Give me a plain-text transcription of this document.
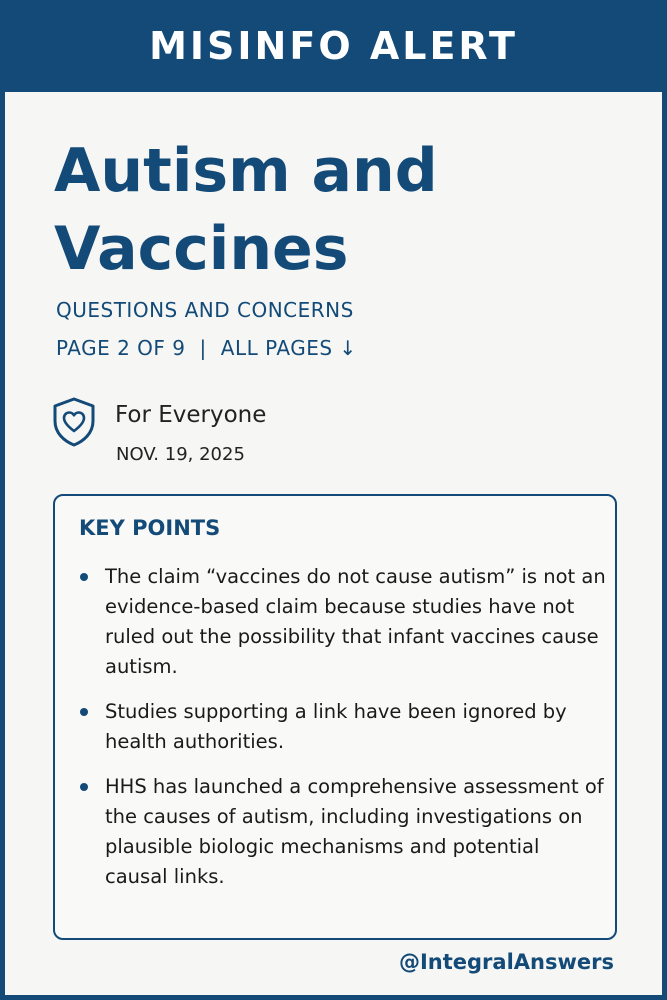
MISINFO ALERT
Autism and Vaccines
QUESTIONS AND CONCERNS
PAGE 2 OF 9 | ALL PAGES ↓
For Everyone
NOV. 19, 2025
KEY POINTS
The claim “vaccines do not cause autism” is not an evidence-based claim because studies have not ruled out the possibility that infant vaccines cause autism.
Studies supporting a link have been ignored by health authorities.
HHS has launched a comprehensive assessment of the causes of autism, including investigations on plausible biologic mechanisms and potential causal links.
@IntegralAnswers
